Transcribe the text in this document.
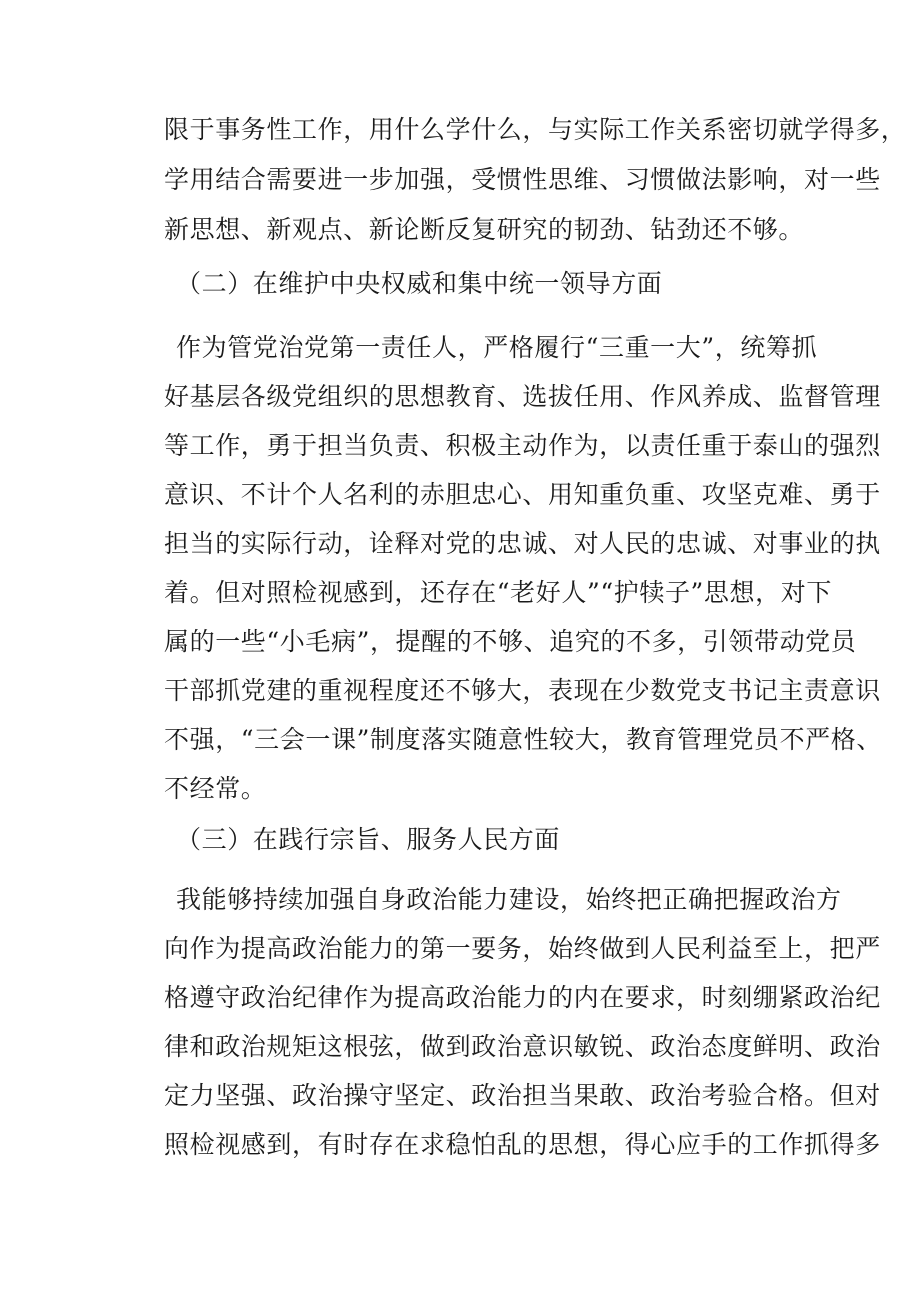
限于事务性工作，用什么学什么，与实际工作关系密切就学得多，
学用结合需要进一步加强，受惯性思维、习惯做法影响，对一些
新思想、新观点、新论断反复研究的韧劲、钻劲还不够。
（二）在维护中央权威和集中统一领导方面
作为管党治党第一责任人，严格履行“三重一大”，统筹抓
好基层各级党组织的思想教育、选拔任用、作风养成、监督管理
等工作，勇于担当负责、积极主动作为，以责任重于泰山的强烈
意识、不计个人名利的赤胆忠心、用知重负重、攻坚克难、勇于
担当的实际行动，诠释对党的忠诚、对人民的忠诚、对事业的执
着。但对照检视感到，还存在“老好人”“护犊子”思想，对下
属的一些“小毛病”，提醒的不够、追究的不多，引领带动党员
干部抓党建的重视程度还不够大，表现在少数党支书记主责意识
不强，“三会一课”制度落实随意性较大，教育管理党员不严格、
不经常。
（三）在践行宗旨、服务人民方面
我能够持续加强自身政治能力建设，始终把正确把握政治方
向作为提高政治能力的第一要务，始终做到人民利益至上，把严
格遵守政治纪律作为提高政治能力的内在要求，时刻绷紧政治纪
律和政治规矩这根弦，做到政治意识敏锐、政治态度鲜明、政治
定力坚强、政治操守坚定、政治担当果敢、政治考验合格。但对
照检视感到，有时存在求稳怕乱的思想，得心应手的工作抓得多
